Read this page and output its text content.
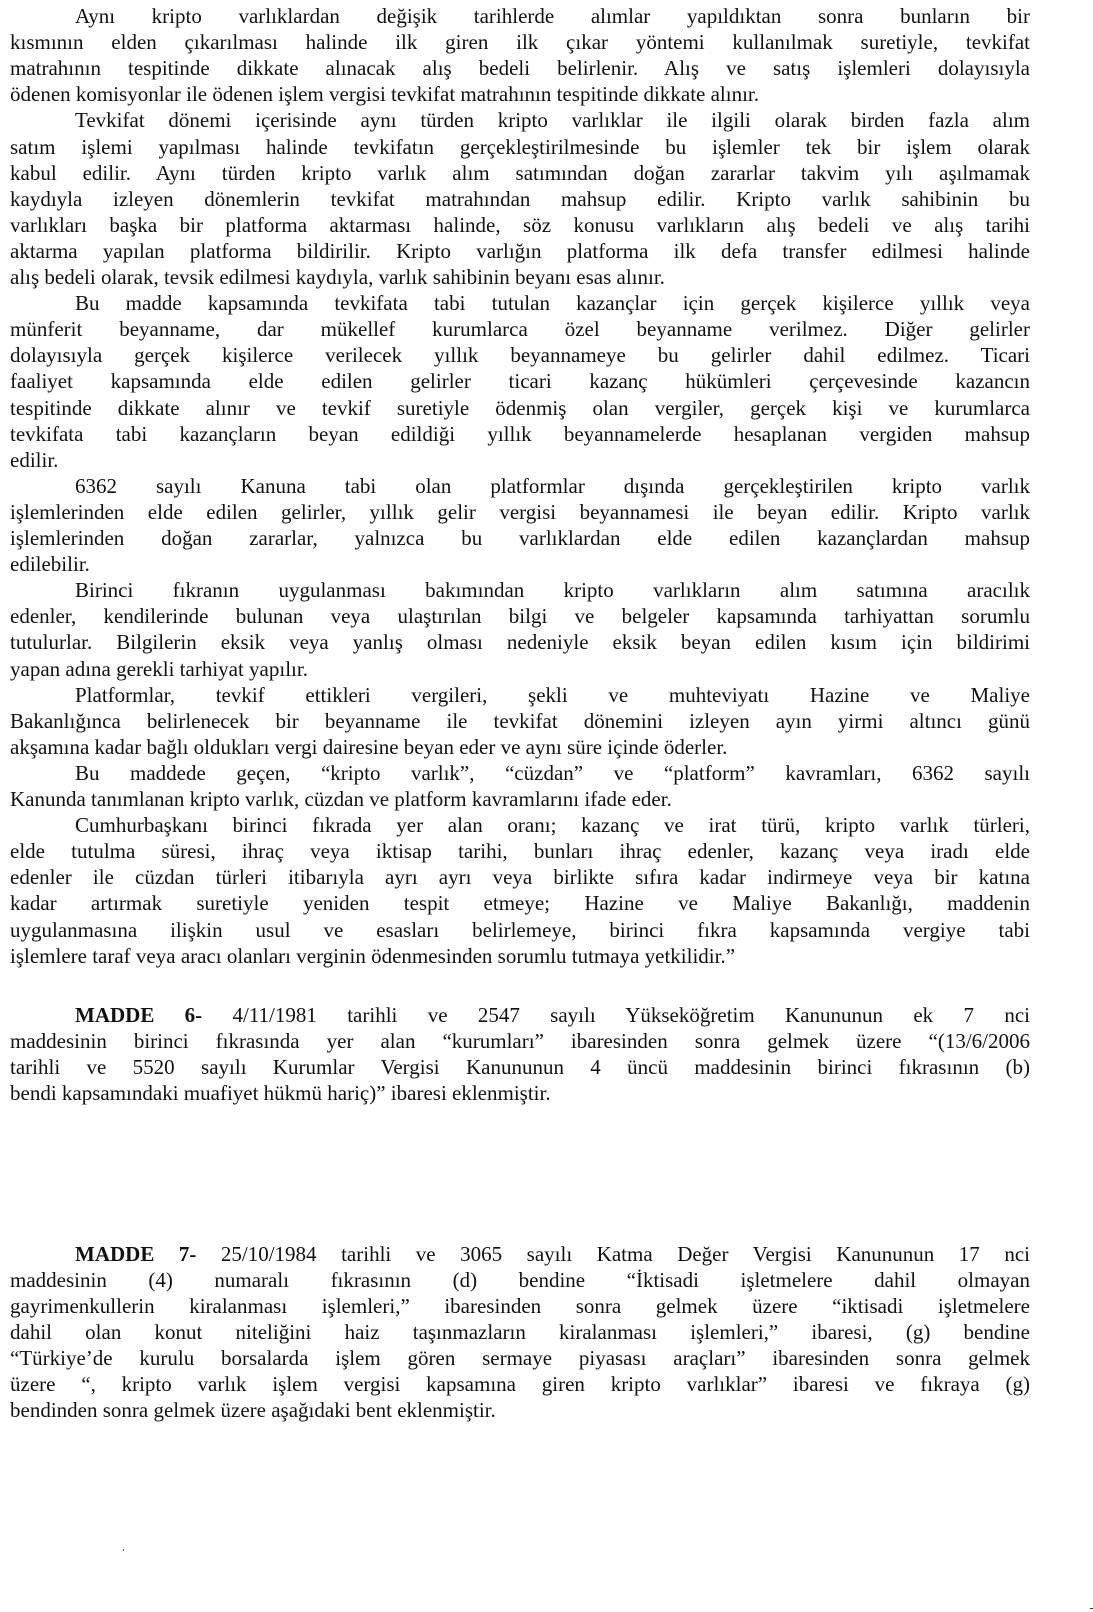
Aynı kripto varlıklardan değişik tarihlerde alımlar yapıldıktan sonra bunların bir
kısmının elden çıkarılması halinde ilk giren ilk çıkar yöntemi kullanılmak suretiyle, tevkifat
matrahının tespitinde dikkate alınacak alış bedeli belirlenir. Alış ve satış işlemleri dolayısıyla
ödenen komisyonlar ile ödenen işlem vergisi tevkifat matrahının tespitinde dikkate alınır.
Tevkifat dönemi içerisinde aynı türden kripto varlıklar ile ilgili olarak birden fazla alım
satım işlemi yapılması halinde tevkifatın gerçekleştirilmesinde bu işlemler tek bir işlem olarak
kabul edilir. Aynı türden kripto varlık alım satımından doğan zararlar takvim yılı aşılmamak
kaydıyla izleyen dönemlerin tevkifat matrahından mahsup edilir. Kripto varlık sahibinin bu
varlıkları başka bir platforma aktarması halinde, söz konusu varlıkların alış bedeli ve alış tarihi
aktarma yapılan platforma bildirilir. Kripto varlığın platforma ilk defa transfer edilmesi halinde
alış bedeli olarak, tevsik edilmesi kaydıyla, varlık sahibinin beyanı esas alınır.
Bu madde kapsamında tevkifata tabi tutulan kazançlar için gerçek kişilerce yıllık veya
münferit beyanname, dar mükellef kurumlarca özel beyanname verilmez. Diğer gelirler
dolayısıyla gerçek kişilerce verilecek yıllık beyannameye bu gelirler dahil edilmez. Ticari
faaliyet kapsamında elde edilen gelirler ticari kazanç hükümleri çerçevesinde kazancın
tespitinde dikkate alınır ve tevkif suretiyle ödenmiş olan vergiler, gerçek kişi ve kurumlarca
tevkifata tabi kazançların beyan edildiği yıllık beyannamelerde hesaplanan vergiden mahsup
edilir.
6362 sayılı Kanuna tabi olan platformlar dışında gerçekleştirilen kripto varlık
işlemlerinden elde edilen gelirler, yıllık gelir vergisi beyannamesi ile beyan edilir. Kripto varlık
işlemlerinden doğan zararlar, yalnızca bu varlıklardan elde edilen kazançlardan mahsup
edilebilir.
Birinci fıkranın uygulanması bakımından kripto varlıkların alım satımına aracılık
edenler, kendilerinde bulunan veya ulaştırılan bilgi ve belgeler kapsamında tarhiyattan sorumlu
tutulurlar. Bilgilerin eksik veya yanlış olması nedeniyle eksik beyan edilen kısım için bildirimi
yapan adına gerekli tarhiyat yapılır.
Platformlar, tevkif ettikleri vergileri, şekli ve muhteviyatı Hazine ve Maliye
Bakanlığınca belirlenecek bir beyanname ile tevkifat dönemini izleyen ayın yirmi altıncı günü
akşamına kadar bağlı oldukları vergi dairesine beyan eder ve aynı süre içinde öderler.
Bu maddede geçen, “kripto varlık”, “cüzdan” ve “platform” kavramları, 6362 sayılı
Kanunda tanımlanan kripto varlık, cüzdan ve platform kavramlarını ifade eder.
Cumhurbaşkanı birinci fıkrada yer alan oranı; kazanç ve irat türü, kripto varlık türleri,
elde tutulma süresi, ihraç veya iktisap tarihi, bunları ihraç edenler, kazanç veya iradı elde
edenler ile cüzdan türleri itibarıyla ayrı ayrı veya birlikte sıfıra kadar indirmeye veya bir katına
kadar artırmak suretiyle yeniden tespit etmeye; Hazine ve Maliye Bakanlığı, maddenin
uygulanmasına ilişkin usul ve esasları belirlemeye, birinci fıkra kapsamında vergiye tabi
işlemlere taraf veya aracı olanları verginin ödenmesinden sorumlu tutmaya yetkilidir.”
MADDE 6- 4/11/1981 tarihli ve 2547 sayılı Yükseköğretim Kanununun ek 7 nci
maddesinin birinci fıkrasında yer alan “kurumları” ibaresinden sonra gelmek üzere “(13/6/2006
tarihli ve 5520 sayılı Kurumlar Vergisi Kanununun 4 üncü maddesinin birinci fıkrasının (b)
bendi kapsamındaki muafiyet hükmü hariç)” ibaresi eklenmiştir.
MADDE 7- 25/10/1984 tarihli ve 3065 sayılı Katma Değer Vergisi Kanununun 17 nci
maddesinin (4) numaralı fıkrasının (d) bendine “İktisadi işletmelere dahil olmayan
gayrimenkullerin kiralanması işlemleri,” ibaresinden sonra gelmek üzere “iktisadi işletmelere
dahil olan konut niteliğini haiz taşınmazların kiralanması işlemleri,” ibaresi, (g) bendine
“Türkiye’de kurulu borsalarda işlem gören sermaye piyasası araçları” ibaresinden sonra gelmek
üzere “, kripto varlık işlem vergisi kapsamına giren kripto varlıklar” ibaresi ve fıkraya (g)
bendinden sonra gelmek üzere aşağıdaki bent eklenmiştir.
